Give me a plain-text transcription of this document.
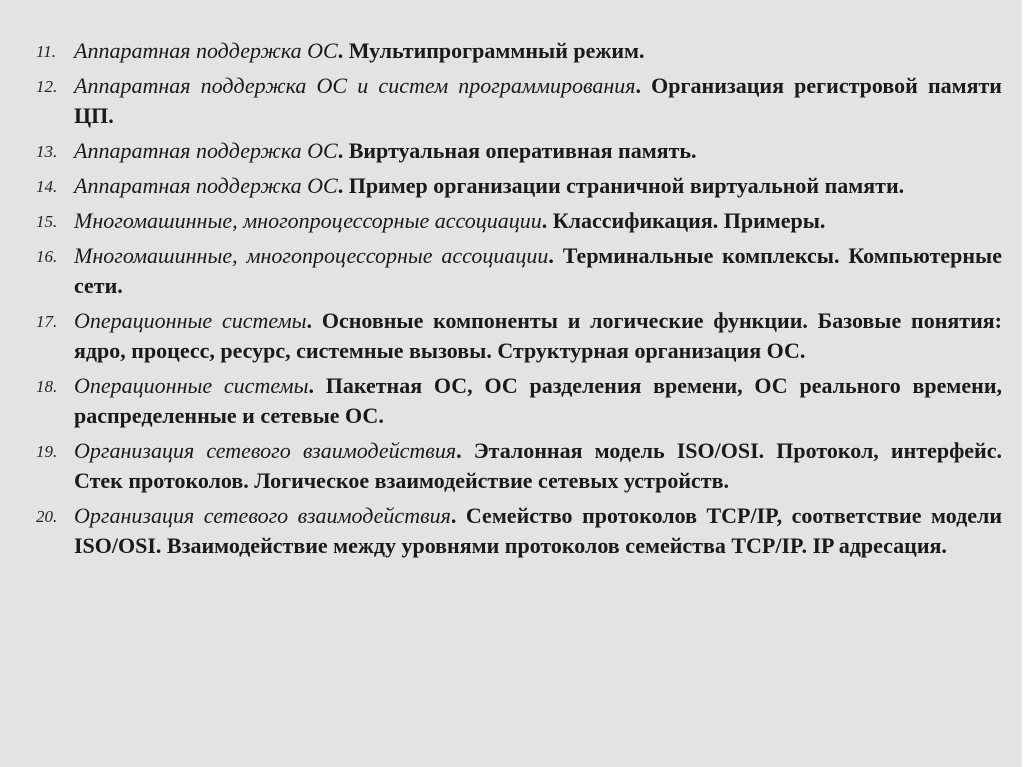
11. Аппаратная поддержка ОС. Мультипрограммный режим.
12. Аппаратная поддержка ОС и систем программирования. Организация регистровой памяти ЦП.
13. Аппаратная поддержка ОС. Виртуальная оперативная память.
14. Аппаратная поддержка ОС. Пример организации страничной виртуальной памяти.
15. Многомашинные, многопроцессорные ассоциации. Классификация. Примеры.
16. Многомашинные, многопроцессорные ассоциации. Терминальные комплексы. Компьютерные сети.
17. Операционные системы. Основные компоненты и логические функции. Базовые понятия: ядро, процесс, ресурс, системные вызовы. Структурная организация ОС.
18. Операционные системы. Пакетная ОС, ОС разделения времени, ОС реального времени, распределенные и сетевые ОС.
19. Организация сетевого взаимодействия. Эталонная модель ISO/OSI. Протокол, интерфейс. Стек протоколов. Логическое взаимодействие сетевых устройств.
20. Организация сетевого взаимодействия. Семейство протоколов TCP/IP, соответствие модели ISO/OSI. Взаимодействие между уровнями протоколов семейства TCP/IP. IP адресация.
